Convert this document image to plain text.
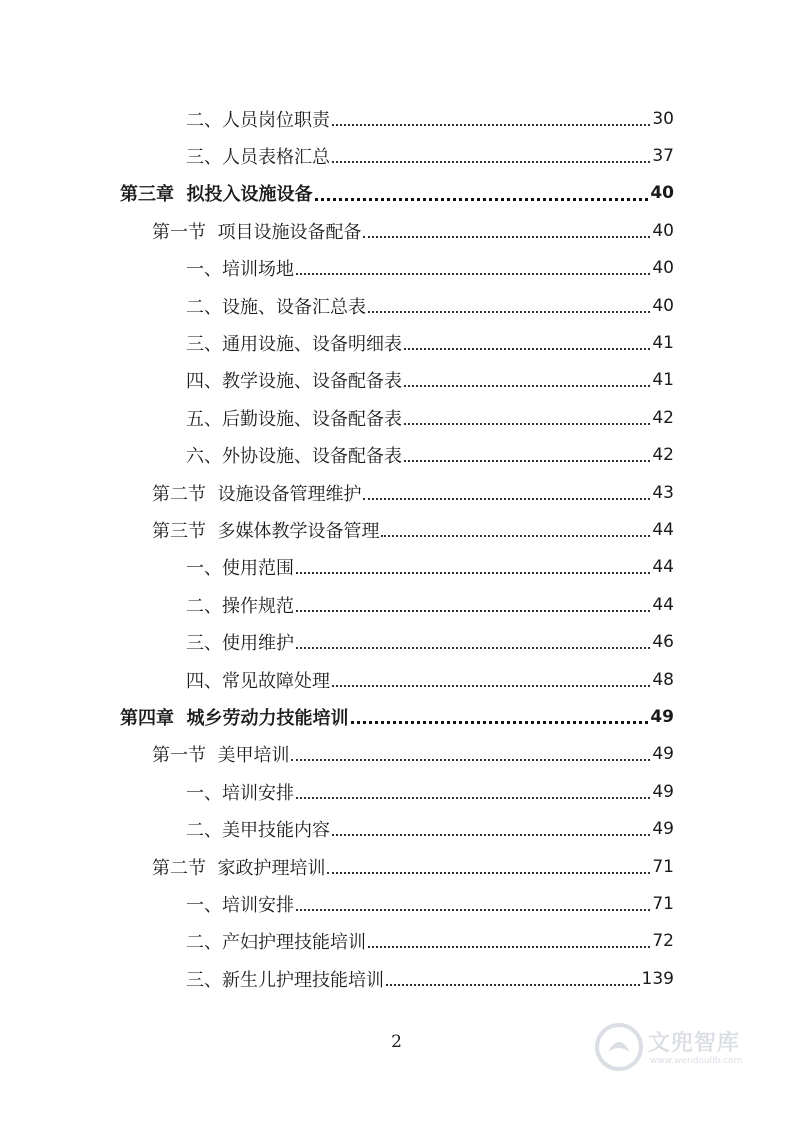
二、人员岗位职责	30
三、人员表格汇总	37
第三章  拟投入设施设备	40
第一节  项目设施设备配备	40
一、培训场地	40
二、设施、设备汇总表	40
三、通用设施、设备明细表	41
四、教学设施、设备配备表	41
五、后勤设施、设备配备表	42
六、外协设施、设备配备表	42
第二节  设施设备管理维护	43
第三节  多媒体教学设备管理	44
一、使用范围	44
二、操作规范	44
三、使用维护	46
四、常见故障处理	48
第四章  城乡劳动力技能培训	49
第一节  美甲培训	49
一、培训安排	49
二、美甲技能内容	49
第二节  家政护理培训	71
一、培训安排	71
二、产妇护理技能培训	72
三、新生儿护理技能培训	139
2	文兜智库
www.wendoulib.com
